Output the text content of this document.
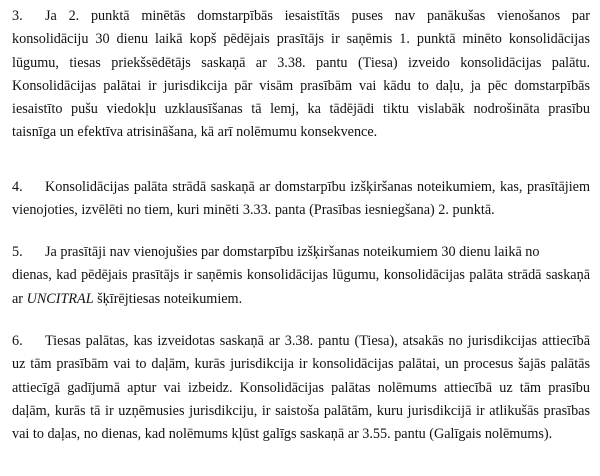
3. Ja 2. punktā minētās domstarpībās iesaistītās puses nav panākušas vienošanos par
konsolidāciju 30 dienu laikā kopš pēdējais prasītājs ir saņēmis 1. punktā minēto konsolidācijas
lūgumu, tiesas priekšsēdētājs saskaņā ar 3.38. pantu (Tiesa) izveido konsolidācijas palātu.
Konsolidācijas palātai ir jurisdikcija pār visām prasībām vai kādu to daļu, ja pēc domstarpībās
iesaistīto pušu viedokļu uzklausīšanas tā lemj, ka tādējādi tiktu vislabāk nodrošināta prasību
taisnīga un efektīva atrisināšana, kā arī nolēmumu konsekvence.
4. Konsolidācijas palāta strādā saskaņā ar domstarpību izšķiršanas noteikumiem, kas, prasītājiem
vienojoties, izvēlēti no tiem, kuri minēti 3.33. panta (Prasības iesniegšana) 2. punktā.
5. Ja prasītāji nav vienojušies par domstarpību izšķiršanas noteikumiem 30 dienu laikā no
dienas, kad pēdējais prasītājs ir saņēmis konsolidācijas lūgumu, konsolidācijas palāta strādā saskaņā
ar UNCITRAL šķīrējtiesas noteikumiem.
6. Tiesas palātas, kas izveidotas saskaņā ar 3.38. pantu (Tiesa), atsakās no jurisdikcijas attiecībā
uz tām prasībām vai to daļām, kurās jurisdikcija ir konsolidācijas palātai, un procesus šajās palātās
attiecīgā gadījumā aptur vai izbeidz. Konsolidācijas palātas nolēmums attiecībā uz tām prasību
daļām, kurās tā ir uzņēmusies jurisdikciju, ir saistoša palātām, kuru jurisdikcijā ir atlikušās prasības
vai to daļas, no dienas, kad nolēmums kļūst galīgs saskaņā ar 3.55. pantu (Galīgais nolēmums).
